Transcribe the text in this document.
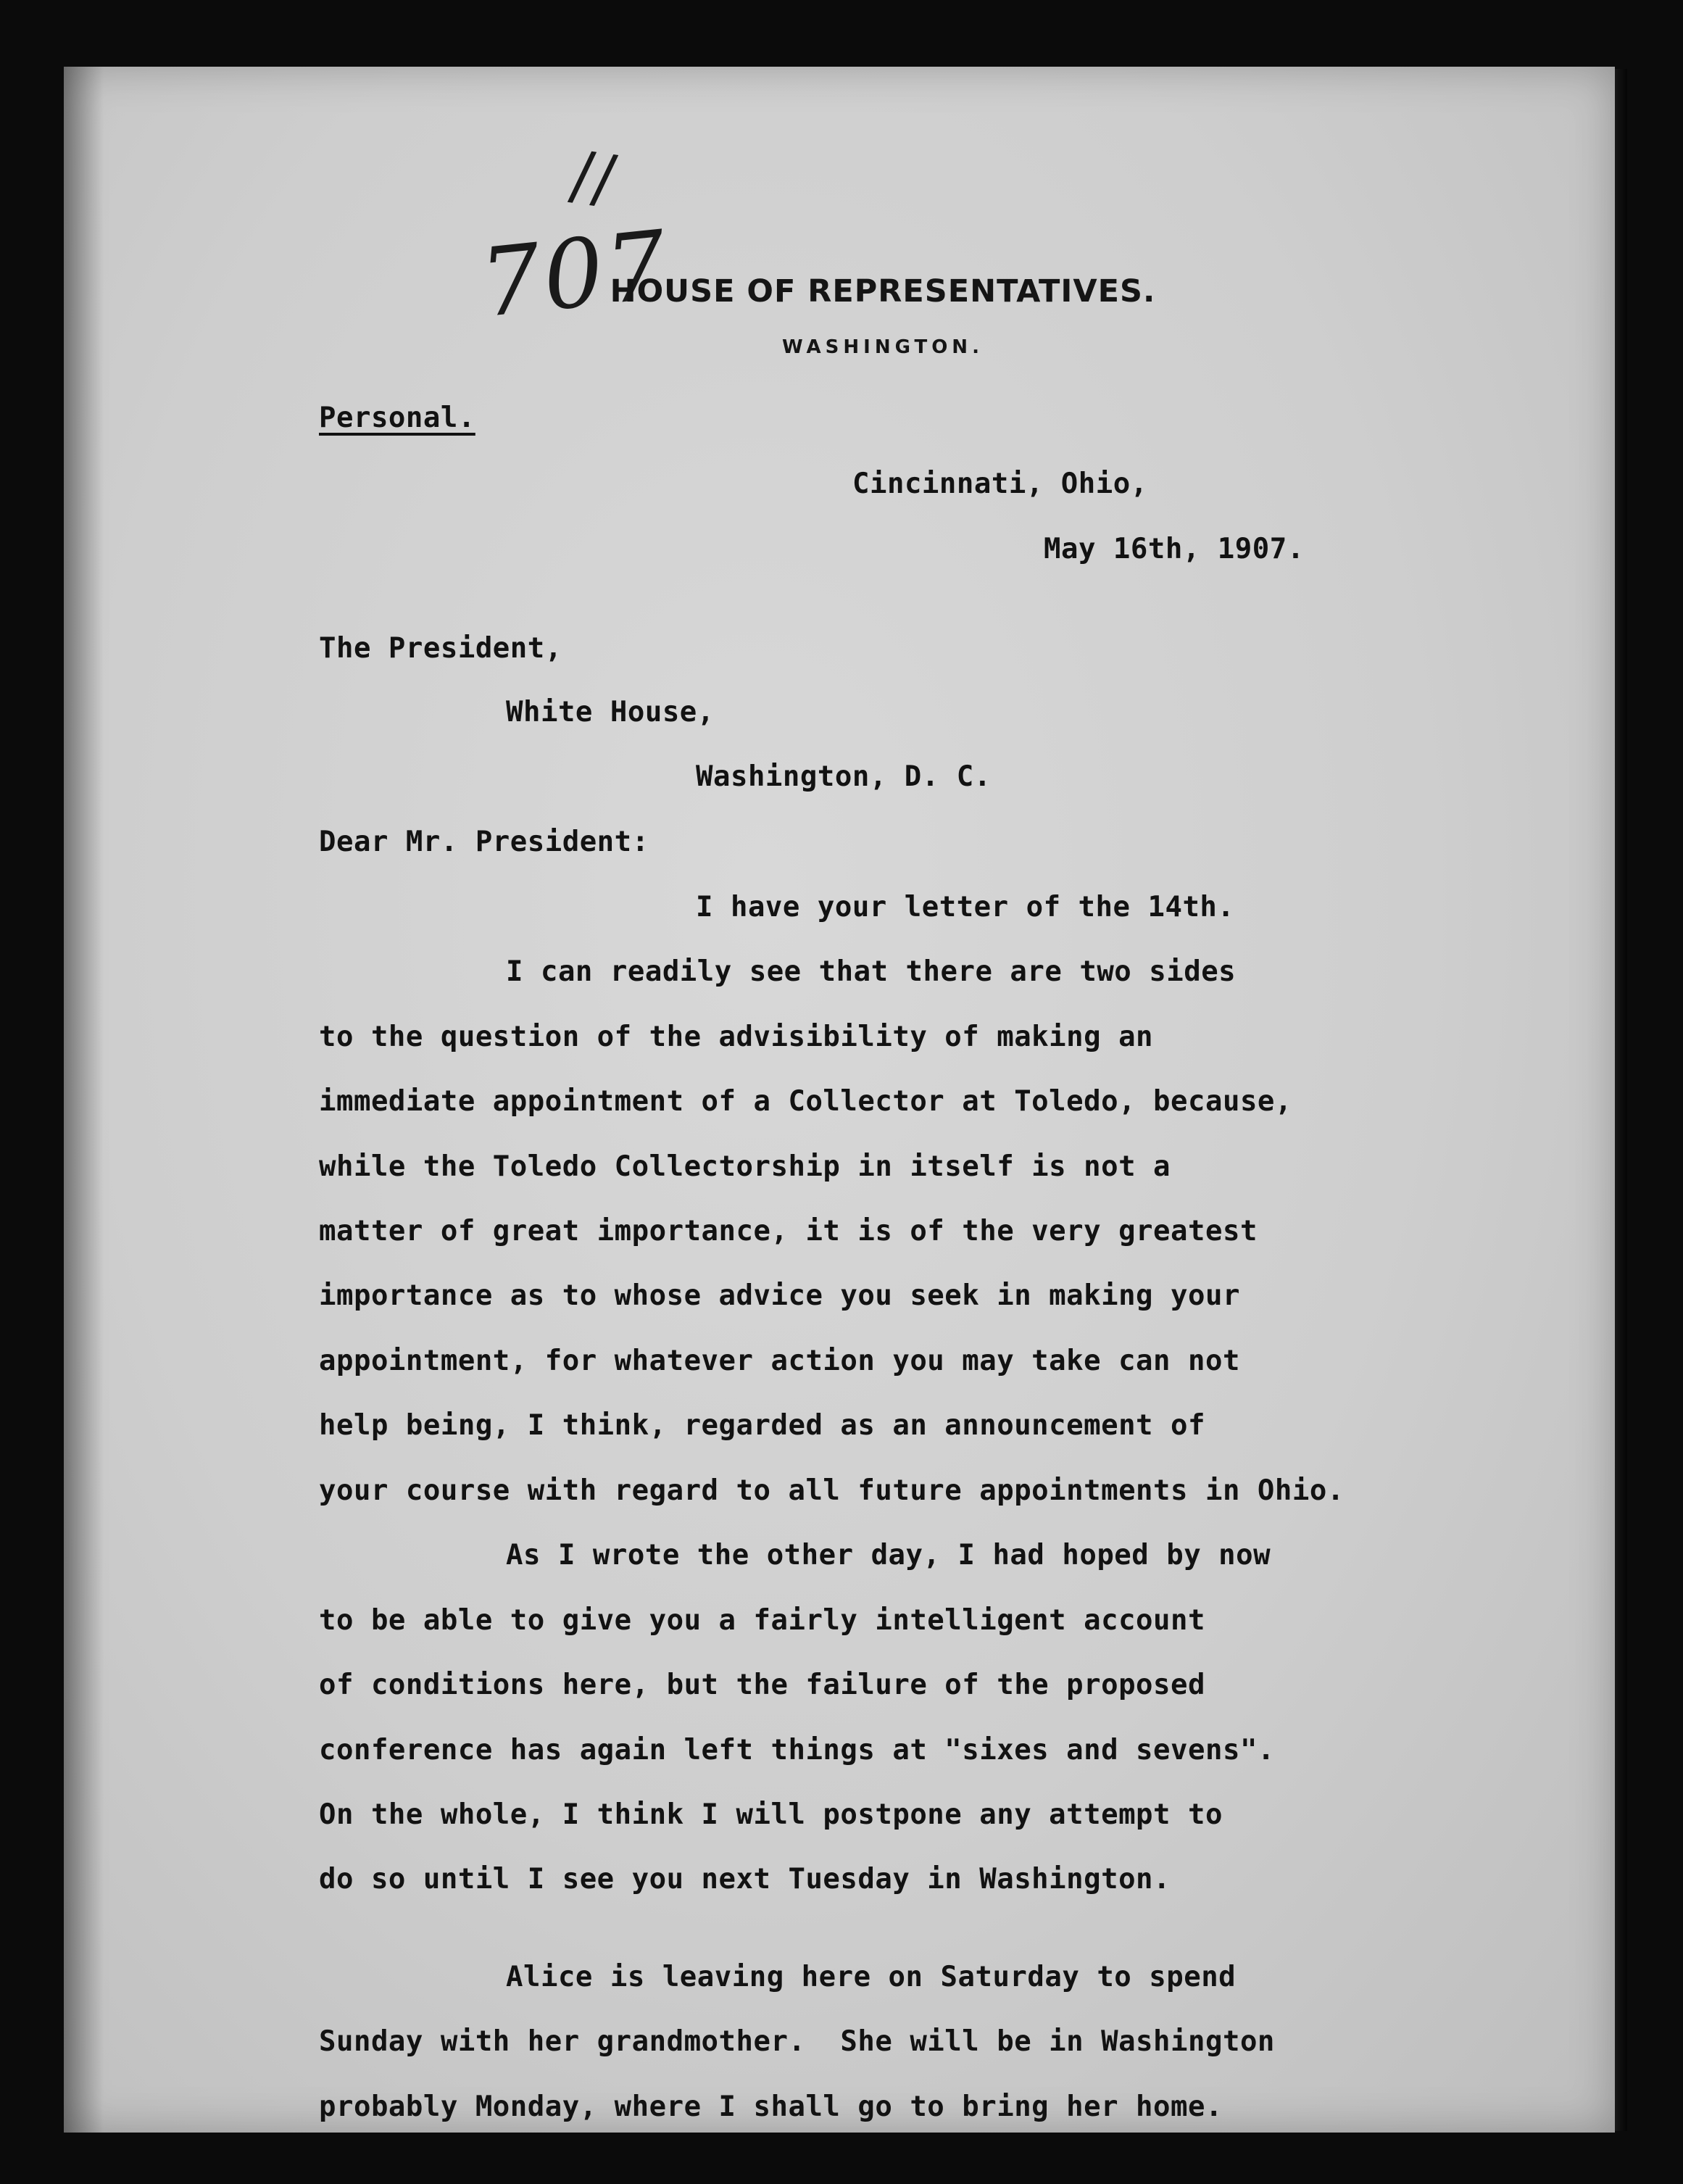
//
707
HOUSE OF REPRESENTATIVES.
WASHINGTON.
Personal.
Cincinnati, Ohio,
May 16th, 1907.
The President,
White House,
Washington, D. C.
Dear Mr. President:
I have your letter of the 14th.
I can readily see that there are two sides
to the question of the advisibility of making an
immediate appointment of a Collector at Toledo, because,
while the Toledo Collectorship in itself is not a
matter of great importance, it is of the very greatest
importance as to whose advice you seek in making your
appointment, for whatever action you may take can not
help being, I think, regarded as an announcement of
your course with regard to all future appointments in Ohio.
As I wrote the other day, I had hoped by now
to be able to give you a fairly intelligent account
of conditions here, but the failure of the proposed
conference has again left things at "sixes and sevens".
On the whole, I think I will postpone any attempt to
do so until I see you next Tuesday in Washington.
Alice is leaving here on Saturday to spend
Sunday with her grandmother.  She will be in Washington
probably Monday, where I shall go to bring her home.
